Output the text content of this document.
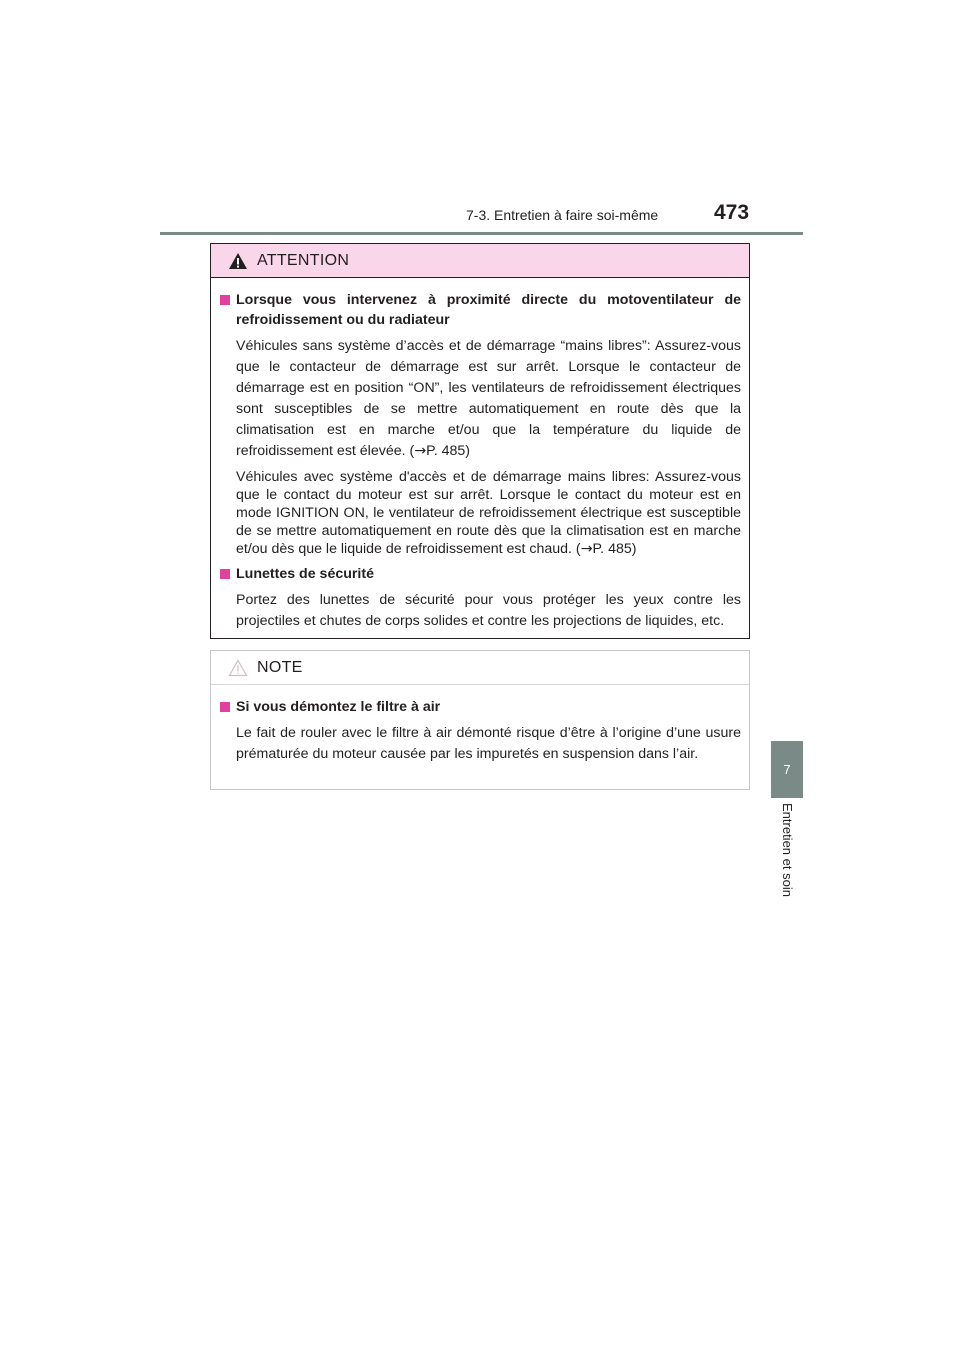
7-3. Entretien à faire soi-même	473
7
Entretien et soin
ATTENTION
Lorsque vous intervenez à proximité directe du motoventilateur de refroidissement ou du radiateur
Véhicules sans système d’accès et de démarrage “mains libres”: Assurez-vous que le contacteur de démarrage est sur arrêt. Lorsque le contacteur de démarrage est en position “ON”, les ventilateurs de refroidissement électriques sont susceptibles de se mettre automatiquement en route dès que la climatisation est en marche et/ou que la température du liquide de refroidissement est élevée. (→P. 485)
Véhicules avec système d'accès et de démarrage mains libres: Assurez-vous que le contact du moteur est sur arrêt. Lorsque le contact du moteur est en mode IGNITION ON, le ventilateur de refroidissement électrique est susceptible de se mettre automatiquement en route dès que la climatisation est en marche et/ou dès que le liquide de refroidissement est chaud. (→P. 485)
Lunettes de sécurité
Portez des lunettes de sécurité pour vous protéger les yeux contre les projectiles et chutes de corps solides et contre les projections de liquides, etc.
NOTE
Si vous démontez le filtre à air
Le fait de rouler avec le filtre à air démonté risque d’être à l’origine d’une usure prématurée du moteur causée par les impuretés en suspension dans l’air.
